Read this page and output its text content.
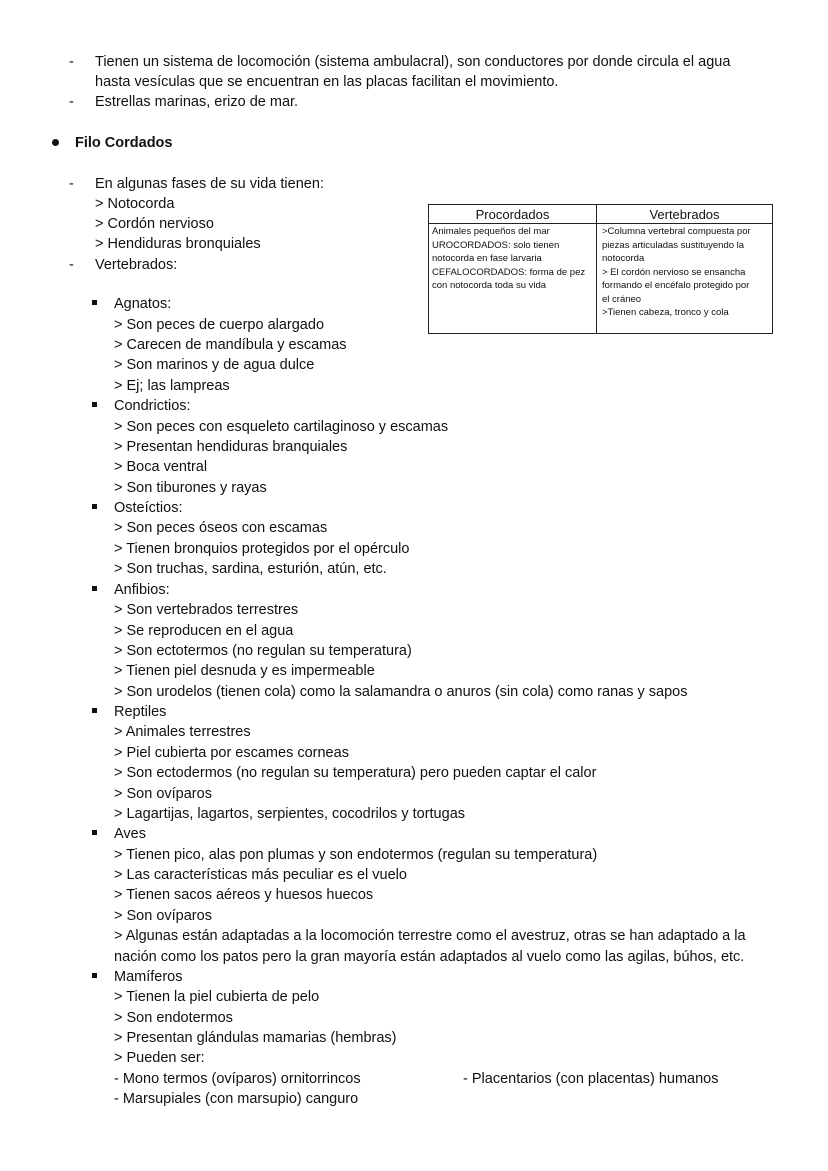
- Tienen un sistema de locomoción (sistema ambulacral), son conductores por donde circula el agua
hasta vesículas que se encuentran en las placas facilitan el movimiento.
- Estrellas marinas, erizo de mar.
Filo Cordados
- En algunas fases de su vida tienen:
> Notocorda
> Cordón nervioso
> Hendiduras bronquiales
- Vertebrados:
Procordados	Vertebrados
Animales pequeños del mar
UROCORDADOS: solo tienen
notocorda en fase larvaria
CEFALOCORDADOS: forma de pez
con notocorda toda su vida
>Columna vertebral compuesta por
piezas articuladas sustituyendo la
notocorda
> El cordón nervioso se ensancha
formando el encéfalo protegido por
el cráneo
>Tienen cabeza, tronco y cola
Agnatos:
> Son peces de cuerpo alargado
> Carecen de mandíbula y escamas
> Son marinos y de agua dulce
> Ej; las lampreas
Condrictios:
> Son peces con esqueleto cartilaginoso y escamas
> Presentan hendiduras branquiales
> Boca ventral
> Son tiburones y rayas
Osteíctios:
> Son peces óseos con escamas
> Tienen bronquios protegidos por el opérculo
> Son truchas, sardina, esturión, atún, etc.
Anfibios:
> Son vertebrados terrestres
> Se reproducen en el agua
> Son ectotermos (no regulan su temperatura)
> Tienen piel desnuda y es impermeable
> Son urodelos (tienen cola) como la salamandra o anuros (sin cola) como ranas y sapos
Reptiles
> Animales terrestres
> Piel cubierta por escames corneas
> Son ectodermos (no regulan su temperatura) pero pueden captar el calor
> Son ovíparos
> Lagartijas, lagartos, serpientes, cocodrilos y tortugas
Aves
> Tienen pico, alas pon plumas y son endotermos (regulan su temperatura)
> Las características más peculiar es el vuelo
> Tienen sacos aéreos y huesos huecos
> Son ovíparos
> Algunas están adaptadas a la locomoción terrestre como el avestruz, otras se han adaptado a la
nación como los patos pero la gran mayoría están adaptados al vuelo como las agilas, búhos, etc.
Mamíferos
> Tienen la piel cubierta de pelo
> Son endotermos
> Presentan glándulas mamarias (hembras)
> Pueden ser:
- Mono termos (ovíparos) ornitorrincos	- Placentarios (con placentas) humanos
- Marsupiales (con marsupio) canguro
